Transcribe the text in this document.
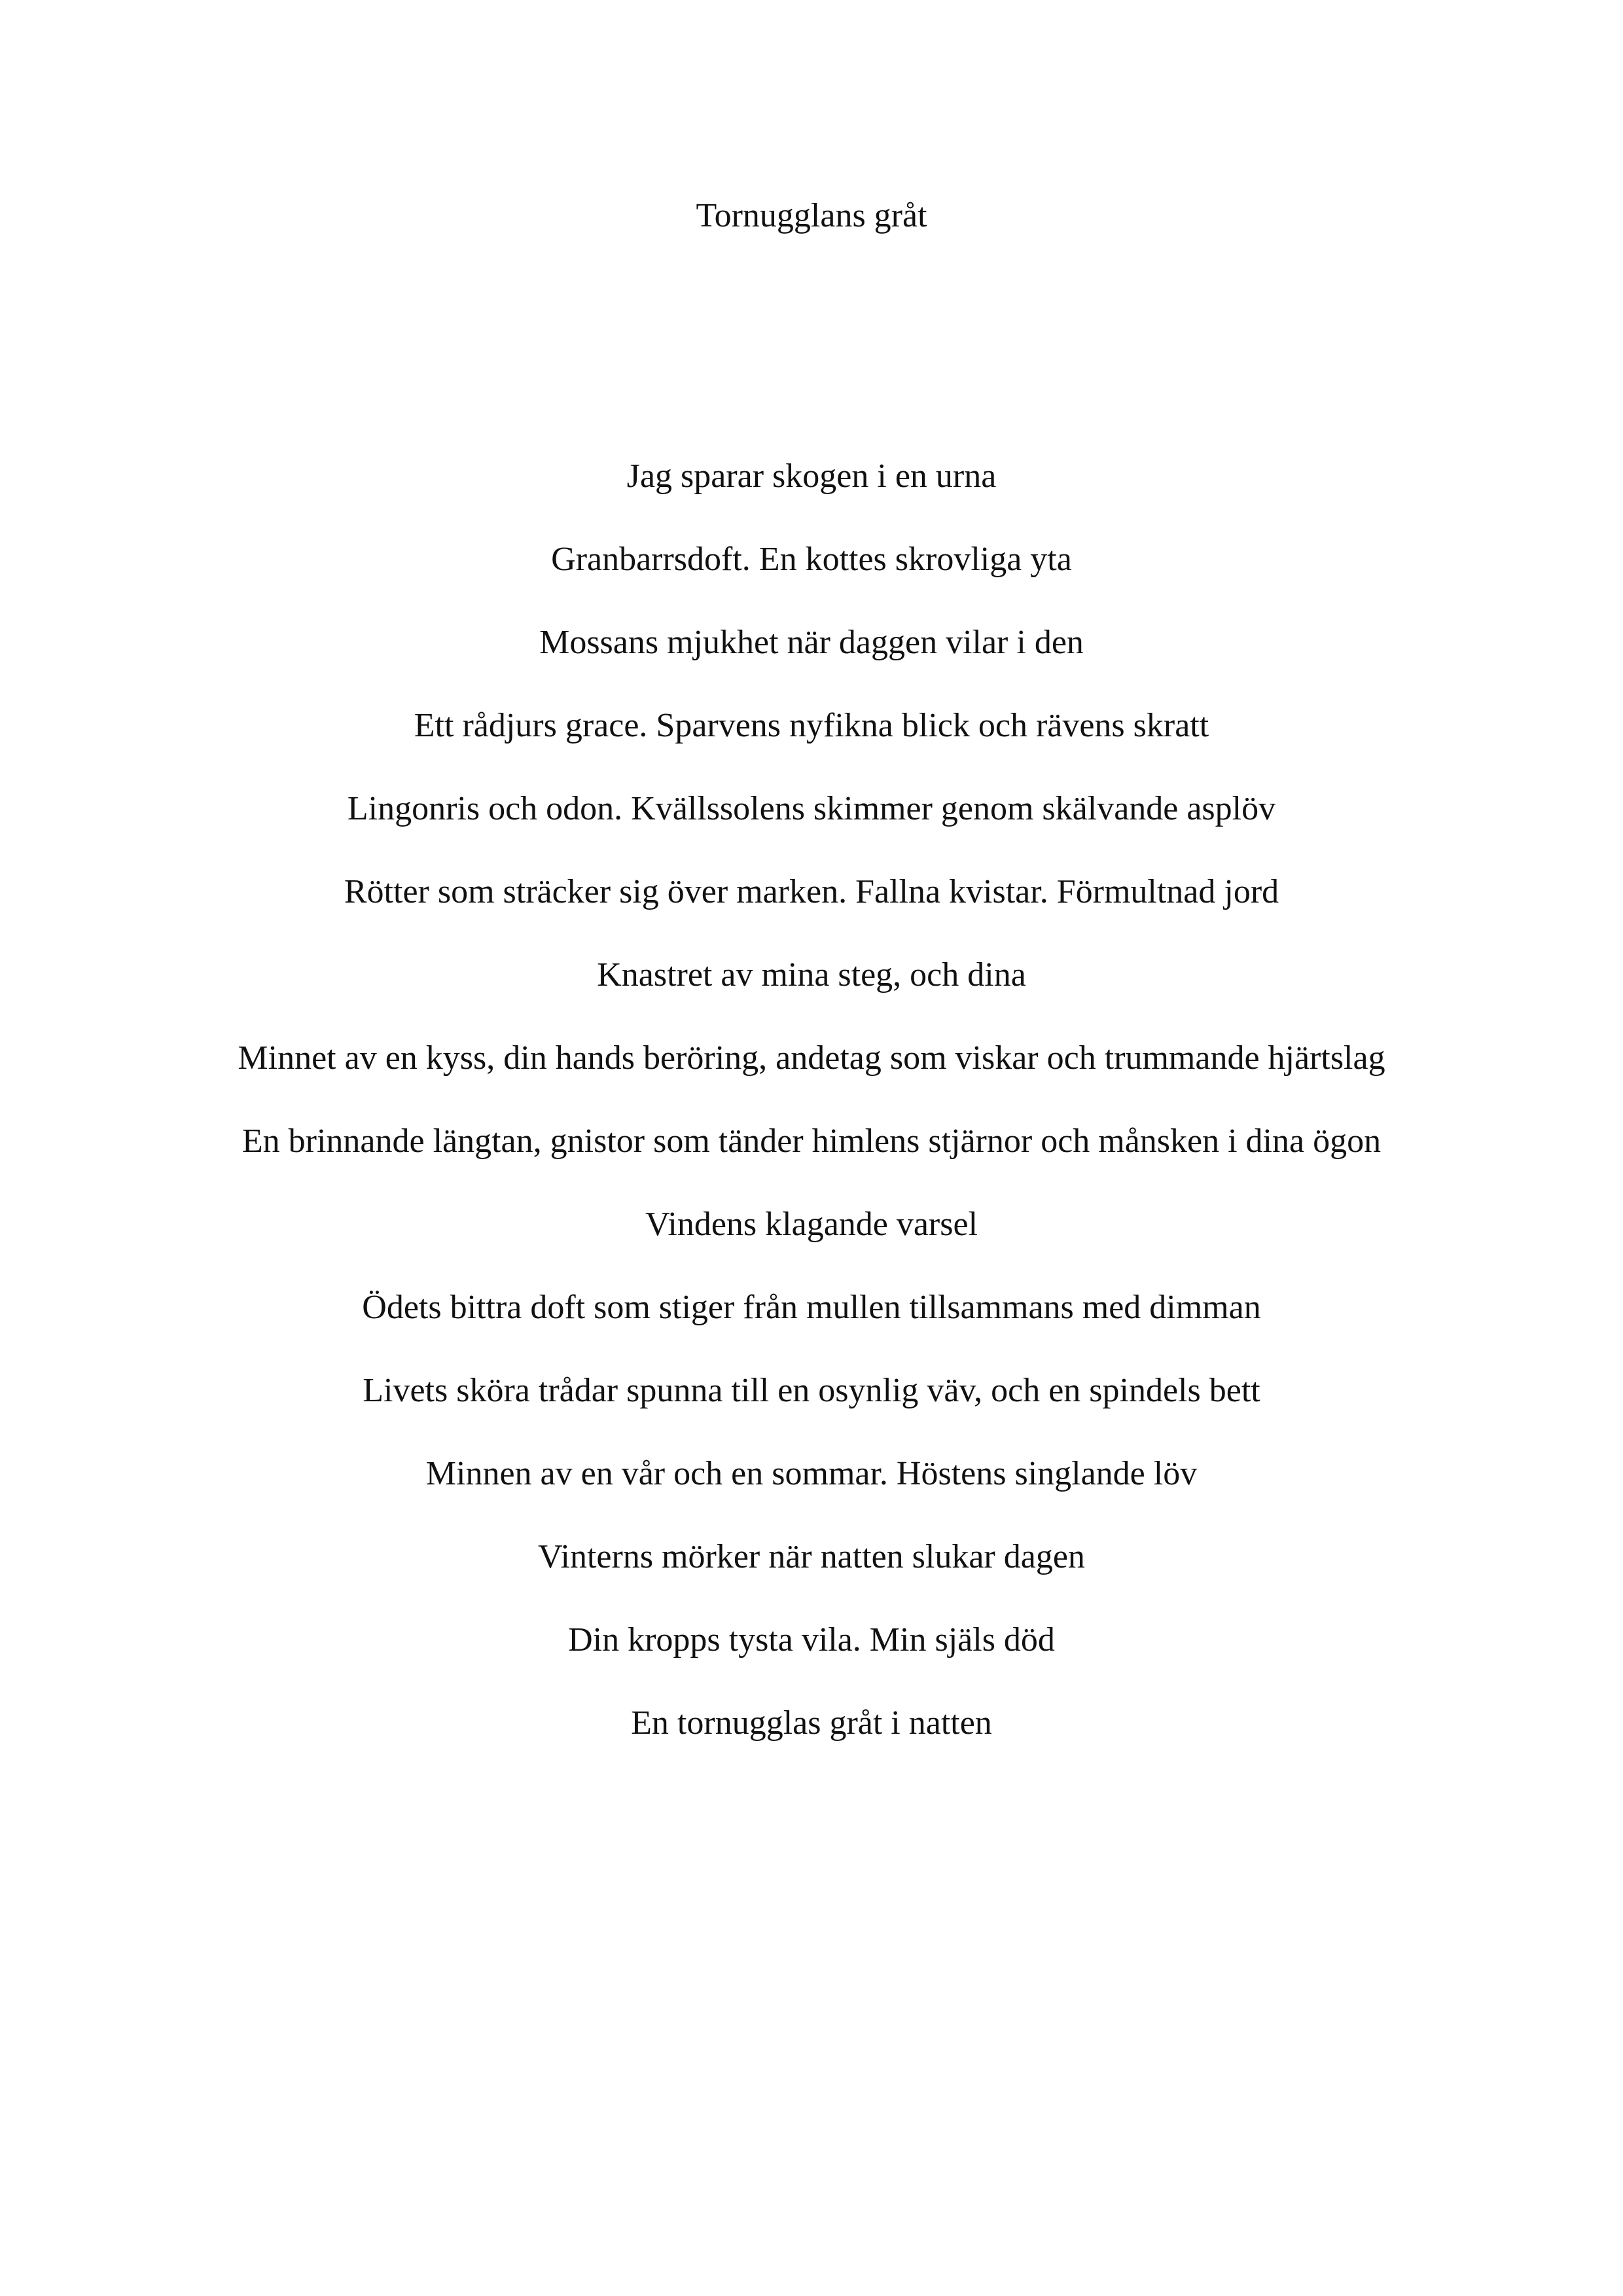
Tornugglans gråt
Jag sparar skogen i en urna
Granbarrsdoft. En kottes skrovliga yta
Mossans mjukhet när daggen vilar i den
Ett rådjurs grace. Sparvens nyfikna blick och rävens skratt
Lingonris och odon. Kvällssolens skimmer genom skälvande asplöv
Rötter som sträcker sig över marken. Fallna kvistar. Förmultnad jord
Knastret av mina steg, och dina
Minnet av en kyss, din hands beröring, andetag som viskar och trummande hjärtslag
En brinnande längtan, gnistor som tänder himlens stjärnor och månsken i dina ögon
Vindens klagande varsel
Ödets bittra doft som stiger från mullen tillsammans med dimman
Livets sköra trådar spunna till en osynlig väv, och en spindels bett
Minnen av en vår och en sommar. Höstens singlande löv
Vinterns mörker när natten slukar dagen
Din kropps tysta vila. Min själs död
En tornugglas gråt i natten
